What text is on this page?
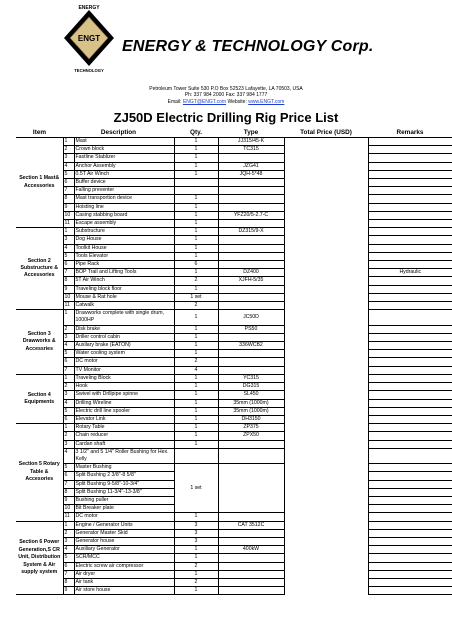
ENGT
ENERGY
TECHNOLOGY
ENERGY & TECHNOLOGY Corp.
Petroleum Tower Suite 530 P.O Box 52523 Lafayette, LA 70503, USA
Ph: 337 984 2000 Fax: 337 984 1777
Email: ENGT@ENGT.com Website: www.ENGT.com
ZJ50D Electric Drilling Rig Price List
Item	Description		Qty.	Type	Total Price (USD)	Remarks
Section 1 Mast& Accessories	1	Mast	1	JJ315/45-K		
	2	Crown block	1	TC315		
	3	Fastline Stablizer	1			
	4	Anchor Assembly	1	JZG41		
	5	0.5T Air Winch	1	JQH-5*48		
	6	Buffer device				
	7	Falling preventer				
	8	Mast transportion device	1			
	9	Hoisting line	1			
	10	Casing stabbing board	1	YFZ20/5-2.7-C		
	11	Escape assembly	1			
Section 2 Substructure & Accessories	1	Substructure	1	DZ315/9-X		
	3	Dog House	1			
	4	Toolkit House	1			
	5	Tools Elevator	1			
	6	Pipe Rack	6			
	7	BOP Trail and Lifting Tools	1	DZ400		Hydraulic
	8	5T Air Winch	2	XJFH-5/35		
	9	Traveling block floor	1			
	10	Mouse & Rat hole	1 set			
	11	Catwalk	2			
Section 3 Drawworks & Accessries	1	Drawworks complete with single drum, 1000HP	1	JC50D		
	2	Disk brake	1	PS50		
	3	Driller control cabin	1			
	4	Auxilary brake (EATON)	1	336WCB2		
	5	Water cooling system	1			
	6	DC motor	2			
	7	TV Monitor	4			
Section 4 Equipments	1	Traveling Block	1	YC315		
	2	Hook	1	DG315		
	3	Swivel with Drillpipe spinne	1	SL450		
	4	Drilling Wireline	1	35mm (1000m)		
	5	Electric drill line spooler	1	35mm (1000m)		
	6	Elevator Link	1	DH3150		
Section 5 Rotary Table & Accesories	1	Rotary Table	1	ZP375		
	2	Chain reducer	1	ZPX50		
	3	Cardan shaft	1			
	4	3 1/2" and 5 1/4" Roller Bushing for Hex. Kelly				
	5	Master Bushing	1 set			
	6	Split Bushing 2 3/8"-8 5/8"				
	7	Split Bushing 9-5/8"-10-3/4"				
	8	Split Bushing 11-3/4"-13-3/8"				
	9	Bushing puller				
	10	Bit Breaker plate				
	11	DC motor	1			
Section 6 Power Generation,S CR Unit, Distribution System & Air supply system	1	Engine / Generator Units	3	CAT 3512C		
	2	Generator Master Skid	3			
	3	Generator house	3			
	4	Auxiliary Generator	1	400kW		
	5	SCR/MCC	1			
	6	Electric screw air compressor	2			
	7	Air dryer	1			
	8	Air tank	2			
	9	Air store house	1			
